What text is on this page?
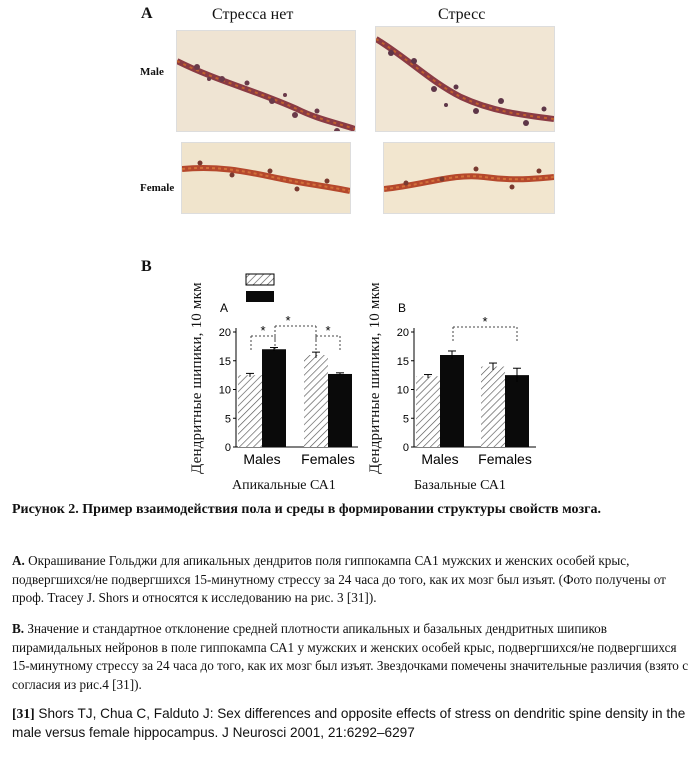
A	Стресса нет	Стресс
Male
Female
B
A
0
5
10
15
20
Males Females
*
*
*
B
0
5
10
15
20
Males Females
*
Дендритные шипики, 10 мкм	Дендритные шипики, 10 мкм
Апикальные СА1	Базальные СА1
Рисунок 2. Пример взаимодействия пола и среды в формировании структуры свойств мозга.
A. Окрашивание Гольджи для апикальных дендритов поля гиппокампа СА1 мужских и женских особей крыс, подвергшихся/не подвергшихся 15-минутному стрессу за 24 часа до того, как их мозг был изъят. (Фото получены от проф. Tracey J. Shors и относятся к исследованию на рис. 3 [31]).
B. Значение и стандартное отклонение средней плотности апикальных и базальных дендритных шипиков пирамидальных нейронов в поле гиппокампа СА1 у мужских и женских особей крыс, подвергшихся/не подвергшихся 15-минутному стрессу за 24 часа до того, как их мозг был изъят. Звездочками помечены значительные различия (взято с согласия из рис.4 [31]).
[31] Shors TJ, Chua C, Falduto J: Sex differences and opposite effects of stress on dendritic spine density in the male versus female hippocampus. J Neurosci 2001, 21:6292–6297
